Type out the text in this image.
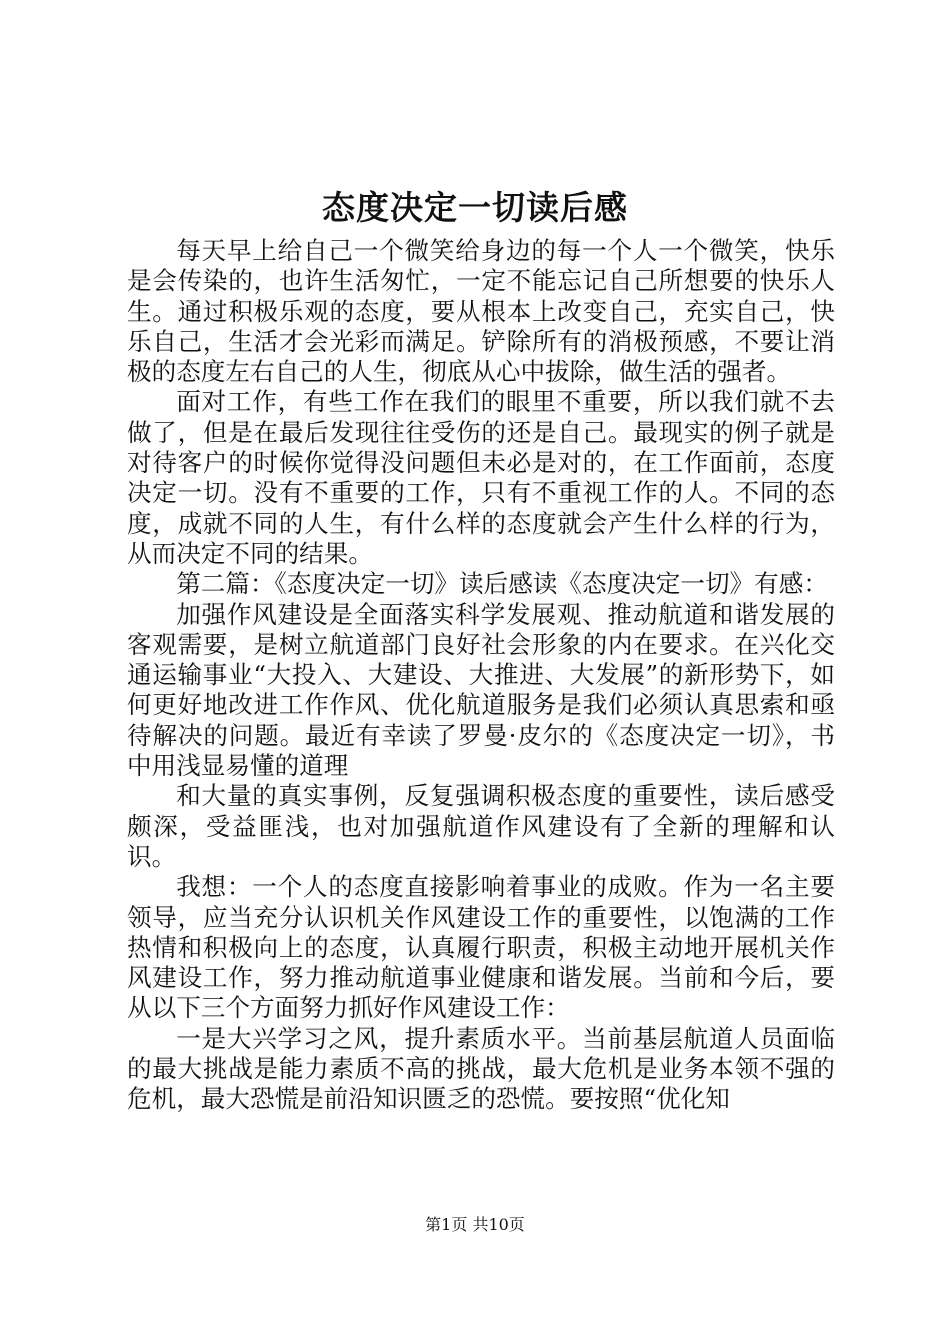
态度决定一切读后感

每天早上给自己一个微笑给身边的每一个人一个微笑，快乐是会传染的，也许生活匆忙，一定不能忘记自己所想要的快乐人生。通过积极乐观的态度，要从根本上改变自己，充实自己，快乐自己，生活才会光彩而满足。铲除所有的消极预感，不要让消极的态度左右自己的人生，彻底从心中拔除，做生活的强者。

面对工作，有些工作在我们的眼里不重要，所以我们就不去做了，但是在最后发现往往受伤的还是自己。最现实的例子就是对待客户的时候你觉得没问题但未必是对的，在工作面前，态度决定一切。没有不重要的工作，只有不重视工作的人。不同的态度，成就不同的人生，有什么样的态度就会产生什么样的行为，从而决定不同的结果。

第二篇：《态度决定一切》读后感读《态度决定一切》有感：

加强作风建设是全面落实科学发展观、推动航道和谐发展的客观需要，是树立航道部门良好社会形象的内在要求。在兴化交通运输事业“大投入、大建设、大推进、大发展”的新形势下，如何更好地改进工作作风、优化航道服务是我们必须认真思索和亟待解决的问题。最近有幸读了罗曼·皮尔的《态度决定一切》，书中用浅显易懂的道理

和大量的真实事例，反复强调积极态度的重要性，读后感受颇深，受益匪浅，也对加强航道作风建设有了全新的理解和认识。

我想：一个人的态度直接影响着事业的成败。作为一名主要领导，应当充分认识机关作风建设工作的重要性，以饱满的工作热情和积极向上的态度，认真履行职责，积极主动地开展机关作风建设工作，努力推动航道事业健康和谐发展。当前和今后，要从以下三个方面努力抓好作风建设工作：

一是大兴学习之风，提升素质水平。当前基层航道人员面临的最大挑战是能力素质不高的挑战，最大危机是业务本领不强的危机，最大恐慌是前沿知识匮乏的恐慌。要按照“优化知

第1页 共10页
